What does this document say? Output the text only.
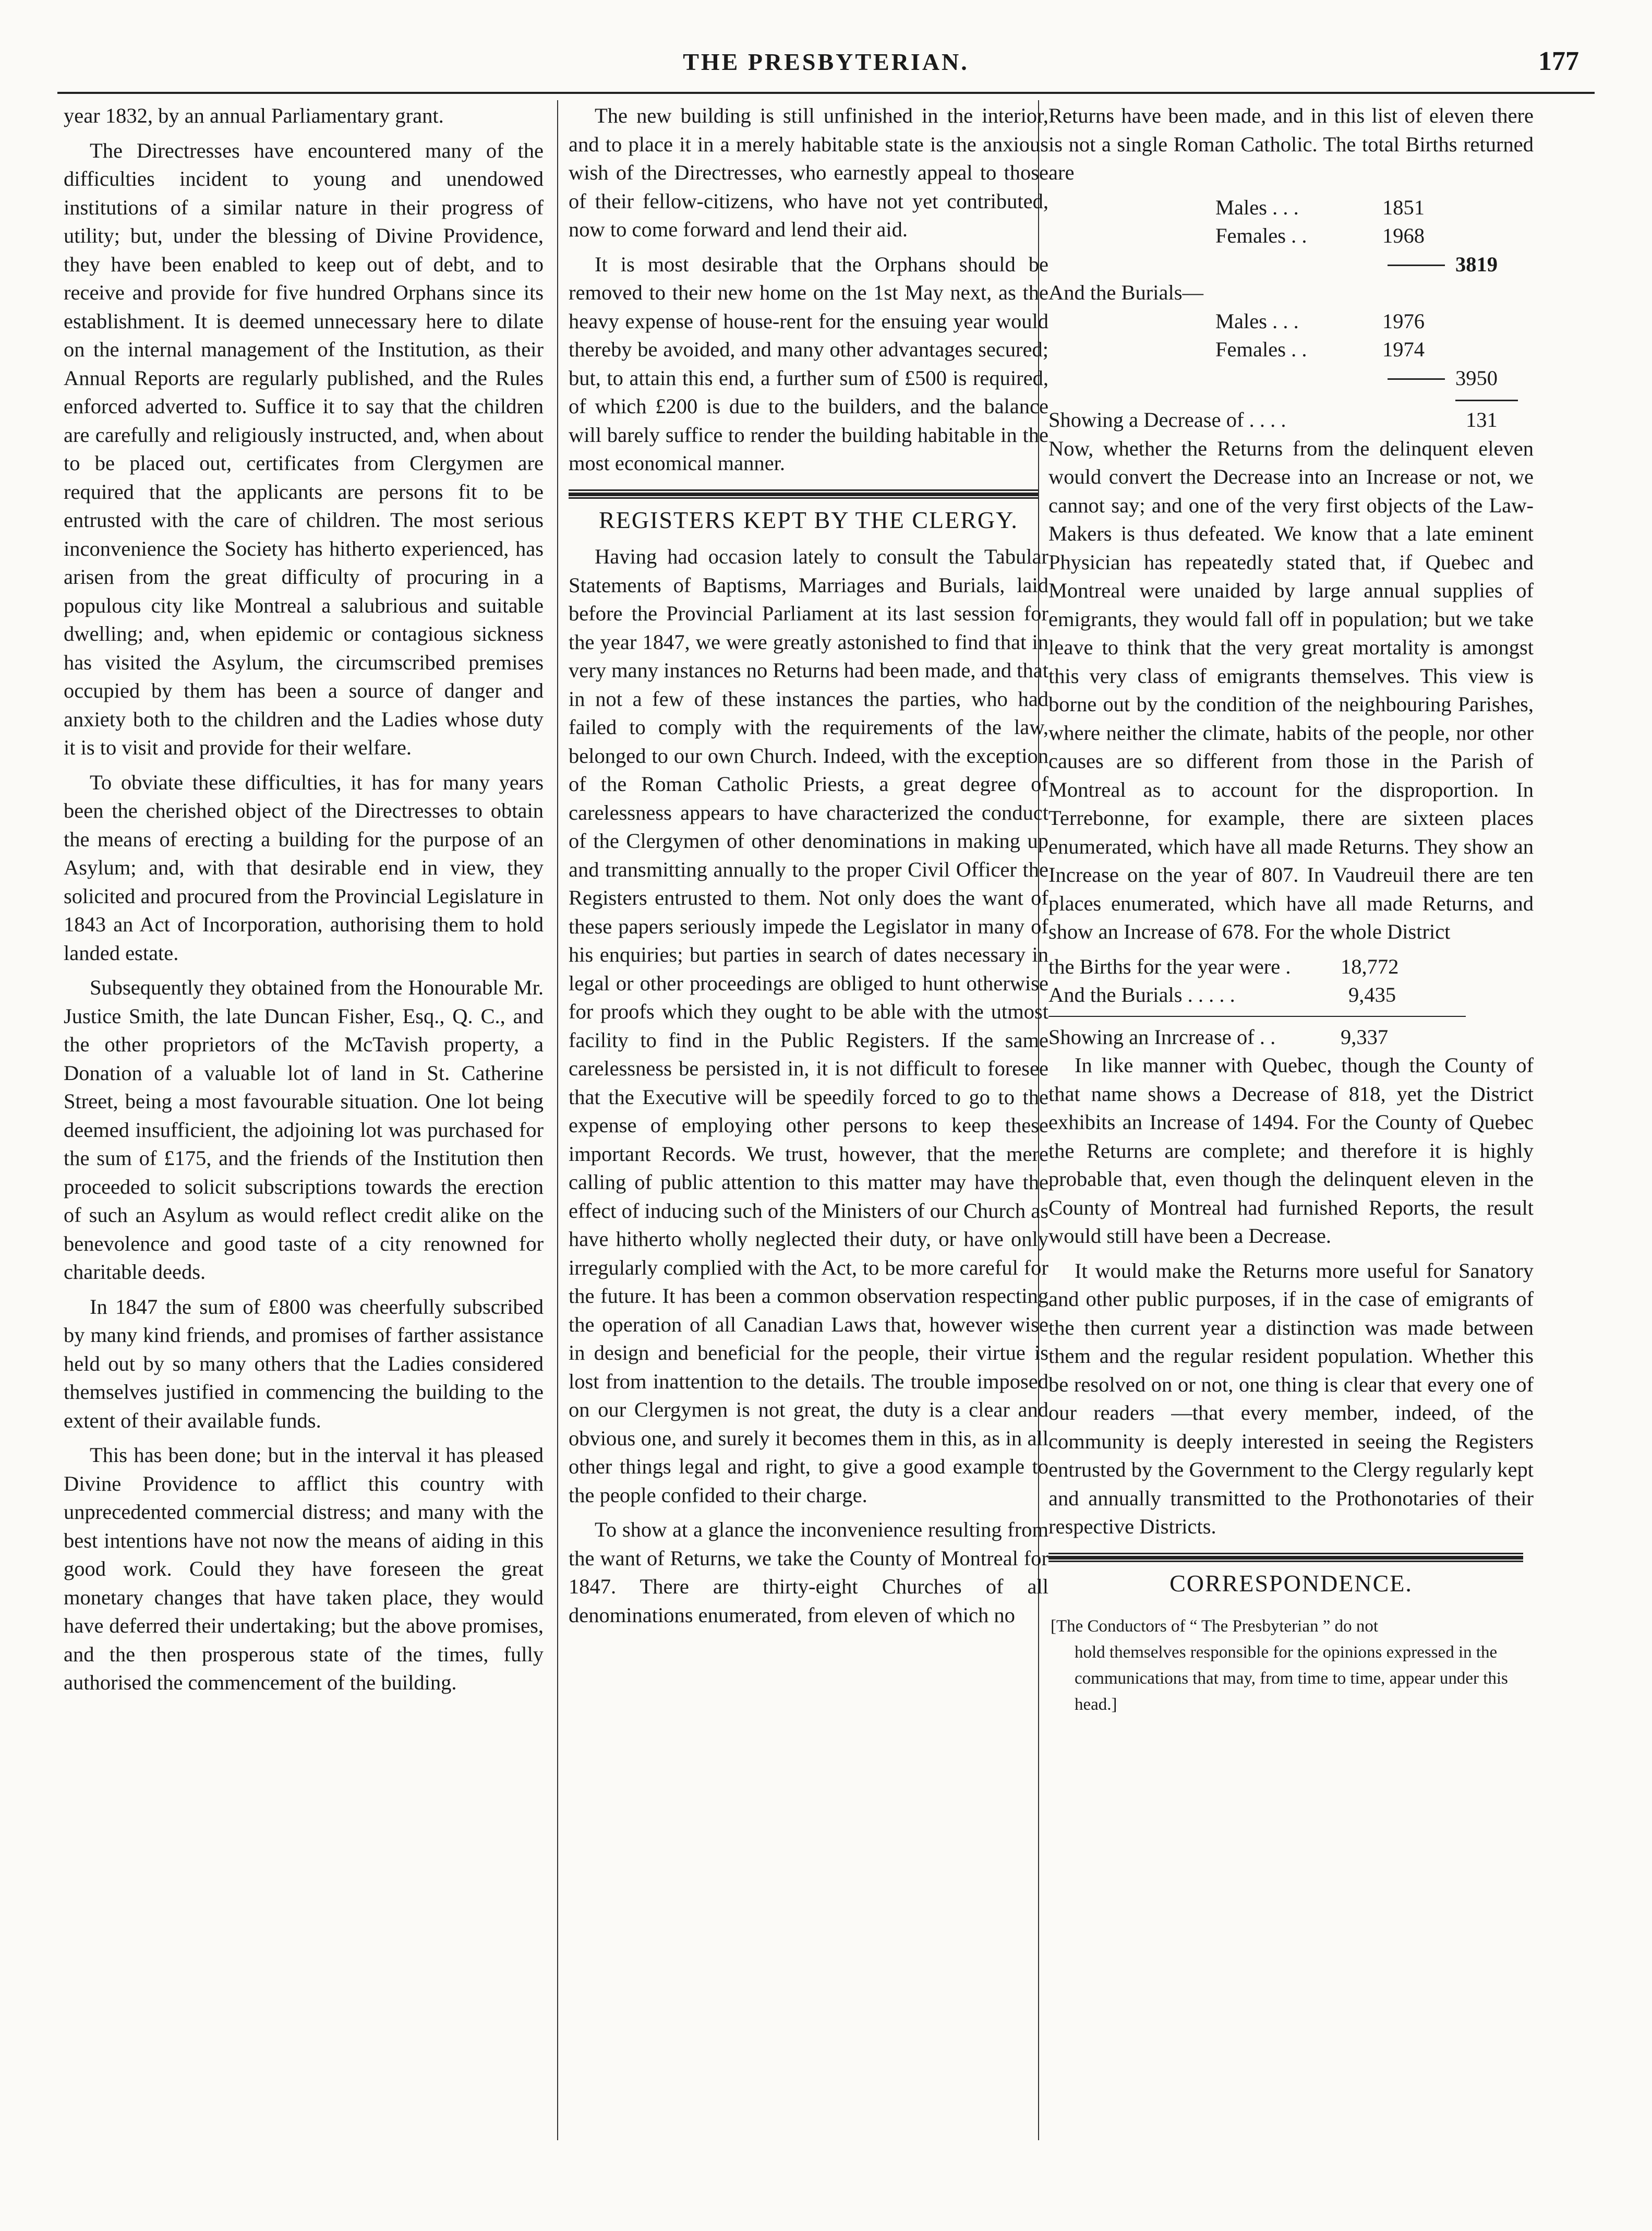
THE PRESBYTERIAN.	177

year 1832, by an annual Parliamentary grant.

The Directresses have encountered many of the difficulties incident to young and unendowed institutions of a similar nature in their progress of utility; but, under the blessing of Divine Providence, they have been enabled to keep out of debt, and to receive and provide for five hundred Orphans since its establishment. It is deemed unnecessary here to dilate on the internal management of the Institution, as their Annual Reports are regularly published, and the Rules enforced adverted to. Suffice it to say that the children are carefully and religiously instructed, and, when about to be placed out, certificates from Clergymen are required that the applicants are persons fit to be entrusted with the care of children. The most serious inconvenience the Society has hitherto experienced, has arisen from the great difficulty of procuring in a populous city like Montreal a salubrious and suitable dwelling; and, when epidemic or contagious sickness has visited the Asylum, the circumscribed premises occupied by them has been a source of danger and anxiety both to the children and the Ladies whose duty it is to visit and provide for their welfare.

To obviate these difficulties, it has for many years been the cherished object of the Directresses to obtain the means of erecting a building for the purpose of an Asylum; and, with that desirable end in view, they solicited and procured from the Provincial Legislature in 1843 an Act of Incorporation, authorising them to hold landed estate.

Subsequently they obtained from the Honourable Mr. Justice Smith, the late Duncan Fisher, Esq., Q. C., and the other proprietors of the McTavish property, a Donation of a valuable lot of land in St. Catherine Street, being a most favourable situation. One lot being deemed insufficient, the adjoining lot was purchased for the sum of £175, and the friends of the Institution then proceeded to solicit subscriptions towards the erection of such an Asylum as would reflect credit alike on the benevolence and good taste of a city renowned for charitable deeds.

In 1847 the sum of £800 was cheerfully subscribed by many kind friends, and promises of farther assistance held out by so many others that the Ladies considered themselves justified in commencing the building to the extent of their available funds.

This has been done; but in the interval it has pleased Divine Providence to afflict this country with unprecedented commercial distress; and many with the best intentions have not now the means of aiding in this good work. Could they have foreseen the great monetary changes that have taken place, they would have deferred their undertaking; but the above promises, and the then prosperous state of the times, fully authorised the commencement of the building.

The new building is still unfinished in the interior, and to place it in a merely habitable state is the anxious wish of the Directresses, who earnestly appeal to those of their fellow-citizens, who have not yet contributed, now to come forward and lend their aid.

It is most desirable that the Orphans should be removed to their new home on the 1st May next, as the heavy expense of house-rent for the ensuing year would thereby be avoided, and many other advantages secured; but, to attain this end, a further sum of £500 is required, of which £200 is due to the builders, and the balance will barely suffice to render the building habitable in the most economical manner.

REGISTERS KEPT BY THE CLERGY.

Having had occasion lately to consult the Tabular Statements of Baptisms, Marriages and Burials, laid before the Provincial Parliament at its last session for the year 1847, we were greatly astonished to find that in very many instances no Returns had been made, and that in not a few of these instances the parties, who had failed to comply with the requirements of the law, belonged to our own Church. Indeed, with the exception of the Roman Catholic Priests, a great degree of carelessness appears to have characterized the conduct of the Clergymen of other denominations in making up and transmitting annually to the proper Civil Officer the Registers entrusted to them. Not only does the want of these papers seriously impede the Legislator in many of his enquiries; but parties in search of dates necessary in legal or other proceedings are obliged to hunt otherwise for proofs which they ought to be able with the utmost facility to find in the Public Registers. If the same carelessness be persisted in, it is not difficult to foresee that the Executive will be speedily forced to go to the expense of employing other persons to keep these important Records. We trust, however, that the mere calling of public attention to this matter may have the effect of inducing such of the Ministers of our Church as have hitherto wholly neglected their duty, or have only irregularly complied with the Act, to be more careful for the future. It has been a common observation respecting the operation of all Canadian Laws that, however wise in design and beneficial for the people, their virtue is lost from inattention to the details. The trouble imposed on our Clergymen is not great, the duty is a clear and obvious one, and surely it becomes them in this, as in all other things legal and right, to give a good example to the people confided to their charge.

To show at a glance the inconvenience resulting from the want of Returns, we take the County of Montreal for 1847. There are thirty-eight Churches of all denominations enumerated, from eleven of which no

Returns have been made, and in this list of eleven there is not a single Roman Catholic. The total Births returned are

Males . . .	1851
Females . .	1968
3819
And the Burials—
Males . . .	1976
Females . .	1974
3950
Showing a Decrease of . . . .	131

Now, whether the Returns from the delinquent eleven would convert the Decrease into an Increase or not, we cannot say; and one of the very first objects of the Law-Makers is thus defeated. We know that a late eminent Physician has repeatedly stated that, if Quebec and Montreal were unaided by large annual supplies of emigrants, they would fall off in population; but we take leave to think that the very great mortality is amongst this very class of emigrants themselves. This view is borne out by the condition of the neighbouring Parishes, where neither the climate, habits of the people, nor other causes are so different from those in the Parish of Montreal as to account for the disproportion. In Terrebonne, for example, there are sixteen places enumerated, which have all made Returns. They show an Increase on the year of 807. In Vaudreuil there are ten places enumerated, which have all made Returns, and show an Increase of 678. For the whole District

the Births for the year were . 18,772
And the Burials . . . . .	9,435
Showing an Inrcrease of . .	9,337

In like manner with Quebec, though the County of that name shows a Decrease of 818, yet the District exhibits an Increase of 1494. For the County of Quebec the Returns are complete; and therefore it is highly probable that, even though the delinquent eleven in the County of Montreal had furnished Reports, the result would still have been a Decrease.

It would make the Returns more useful for Sanatory and other public purposes, if in the case of emigrants of the then current year a distinction was made between them and the regular resident population. Whether this be resolved on or not, one thing is clear that every one of our readers —that every member, indeed, of the community is deeply interested in seeing the Registers entrusted by the Government to the Clergy regularly kept and annually transmitted to the Prothonotaries of their respective Districts.

CORRESPONDENCE.
[The Conductors of “ The Presbyterian ” do not
hold themselves responsible for the opinions expressed in the communications that may, from time to time, appear under this head.]
